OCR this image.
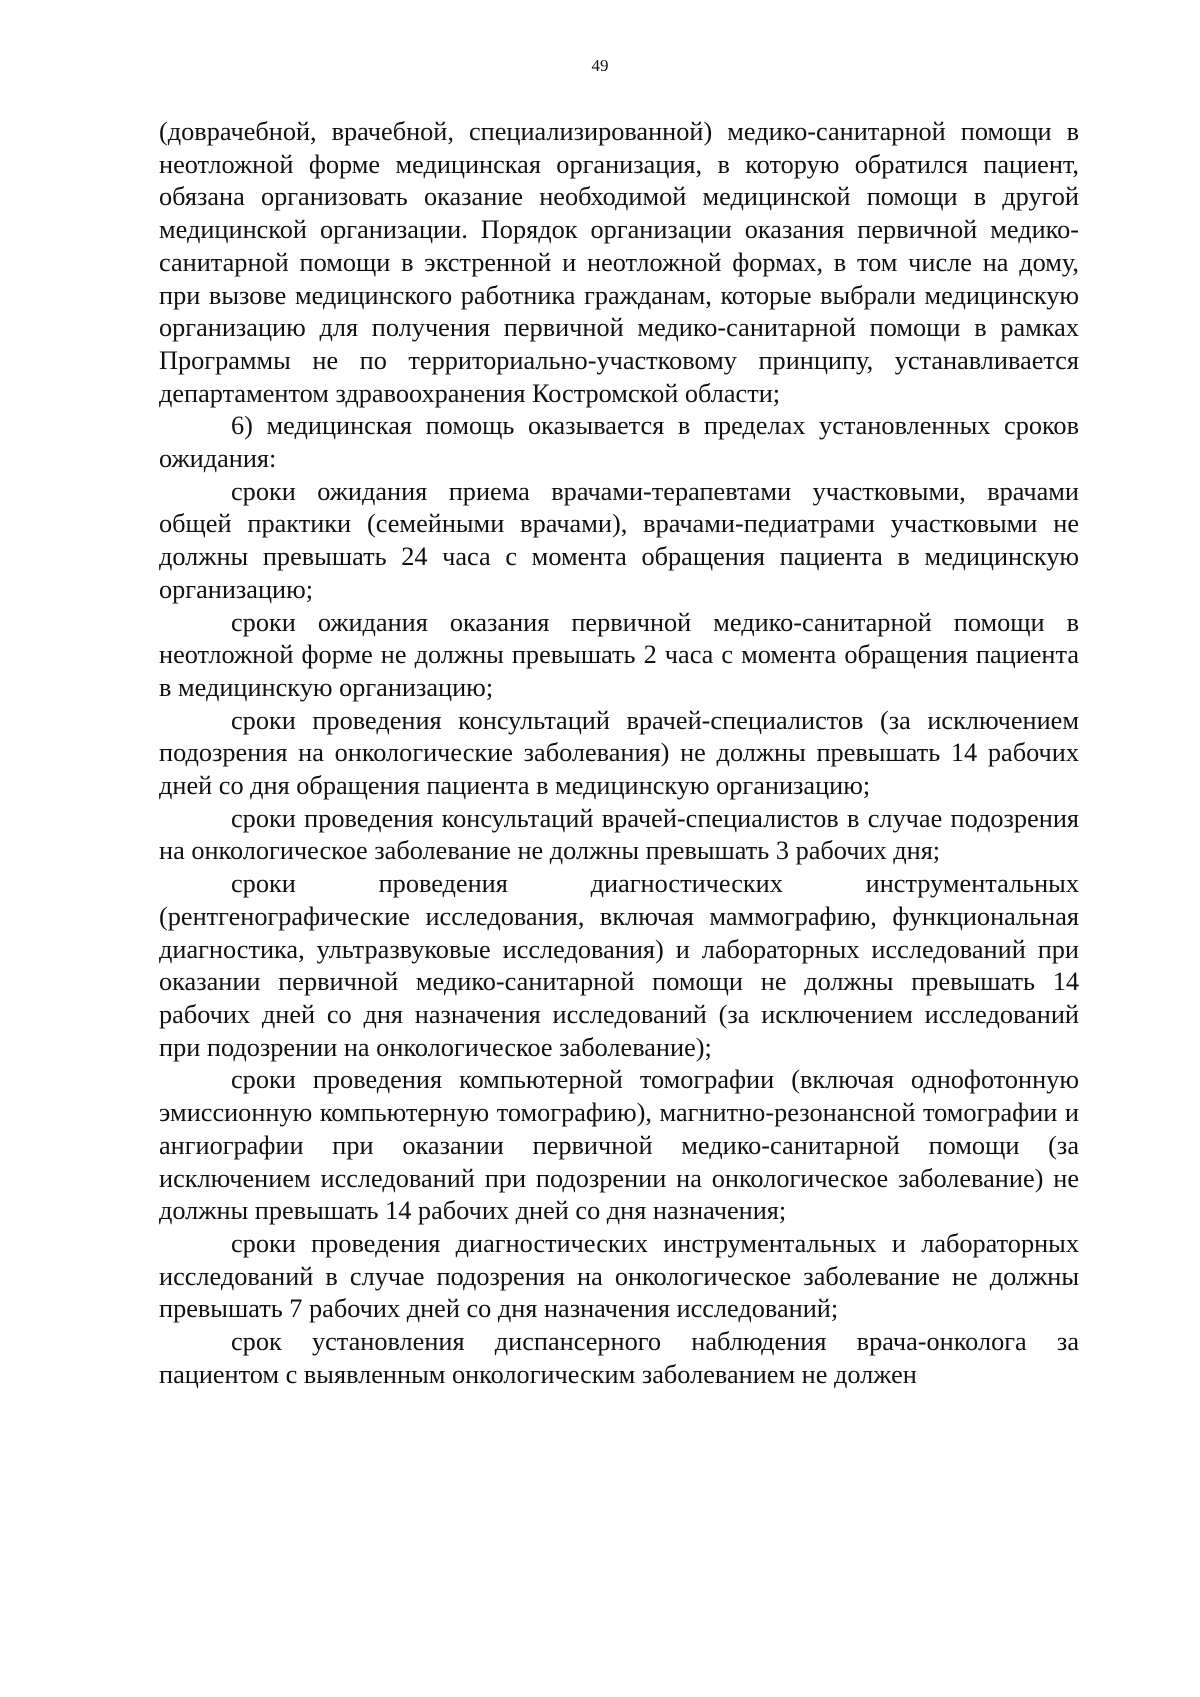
49

(доврачебной, врачебной, специализированной) медико-санитарной помощи в неотложной форме медицинская организация, в которую обратился пациент, обязана организовать оказание необходимой медицинской помощи в другой медицинской организации. Порядок организации оказания первичной медико-санитарной помощи в экстренной и неотложной формах, в том числе на дому, при вызове медицинского работника гражданам, которые выбрали медицинскую организацию для получения первичной медико-санитарной помощи в рамках Программы не по территориально-участковому принципу, устанавливается департаментом здравоохранения Костромской области;

6) медицинская помощь оказывается в пределах установленных сроков ожидания:

сроки ожидания приема врачами-терапевтами участковыми, врачами общей практики (семейными врачами), врачами-педиатрами участковыми не должны превышать 24 часа с момента обращения пациента в медицинскую организацию;

сроки ожидания оказания первичной медико-санитарной помощи в неотложной форме не должны превышать 2 часа с момента обращения пациента в медицинскую организацию;

сроки проведения консультаций врачей-специалистов (за исключением подозрения на онкологические заболевания) не должны превышать 14 рабочих дней со дня обращения пациента в медицинскую организацию;

сроки проведения консультаций врачей-специалистов в случае подозрения на онкологическое заболевание не должны превышать 3 рабочих дня;

сроки проведения диагностических инструментальных (рентгенографические исследования, включая маммографию, функциональная диагностика, ультразвуковые исследования) и лабораторных исследований при оказании первичной медико-санитарной помощи не должны превышать 14 рабочих дней со дня назначения исследований (за исключением исследований при подозрении на онкологическое заболевание);

сроки проведения компьютерной томографии (включая однофотонную эмиссионную компьютерную томографию), магнитно-резонансной томографии и ангиографии при оказании первичной медико-санитарной помощи (за исключением исследований при подозрении на онкологическое заболевание) не должны превышать 14 рабочих дней со дня назначения;

сроки проведения диагностических инструментальных и лабораторных исследований в случае подозрения на онкологическое заболевание не должны превышать 7 рабочих дней со дня назначения исследований;

срок установления диспансерного наблюдения врача-онколога за пациентом с выявленным онкологическим заболеванием не должен
